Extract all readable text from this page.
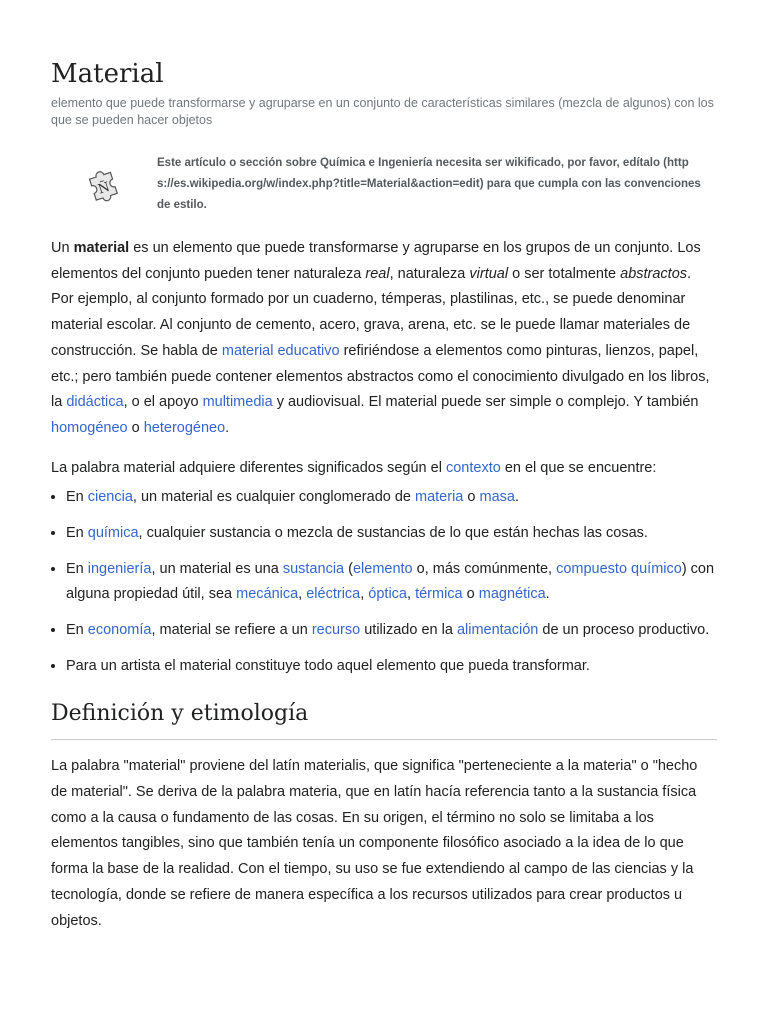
Material
elemento que puede transformarse y agruparse en un conjunto de características similares (mezcla de algunos) con los que se pueden hacer objetos
Ñ
Este artículo o sección sobre Química e Ingeniería necesita ser wikificado, por favor, edítalo (http s://es.wikipedia.org/w/index.php?title=Material&action=edit) para que cumpla con las convenciones de estilo.

Un material es un elemento que puede transformarse y agruparse en los grupos de un conjunto. Los elementos del conjunto pueden tener naturaleza real, naturaleza virtual o ser totalmente abstractos. Por ejemplo, al conjunto formado por un cuaderno, témperas, plastilinas, etc., se puede denominar material escolar. Al conjunto de cemento, acero, grava, arena, etc. se le puede llamar materiales de construcción. Se habla de material educativo refiriéndose a elementos como pinturas, lienzos, papel, etc.; pero también puede contener elementos abstractos como el conocimiento divulgado en los libros, la didáctica, o el apoyo multimedia y audiovisual. El material puede ser simple o complejo. Y también homogéneo o heterogéneo.

La palabra material adquiere diferentes significados según el contexto en el que se encuentre:

• En ciencia, un material es cualquier conglomerado de materia o masa.
• En química, cualquier sustancia o mezcla de sustancias de lo que están hechas las cosas.
• En ingeniería, un material es una sustancia (elemento o, más comúnmente, compuesto químico) con alguna propiedad útil, sea mecánica, eléctrica, óptica, térmica o magnética.
• En economía, material se refiere a un recurso utilizado en la alimentación de un proceso productivo.
• Para un artista el material constituye todo aquel elemento que pueda transformar.
Definición y etimología

La palabra "material" proviene del latín materialis, que significa "perteneciente a la materia" o "hecho de material". Se deriva de la palabra materia, que en latín hacía referencia tanto a la sustancia física como a la causa o fundamento de las cosas. En su origen, el término no solo se limitaba a los elementos tangibles, sino que también tenía un componente filosófico asociado a la idea de lo que forma la base de la realidad. Con el tiempo, su uso se fue extendiendo al campo de las ciencias y la tecnología, donde se refiere de manera específica a los recursos utilizados para crear productos u objetos.
